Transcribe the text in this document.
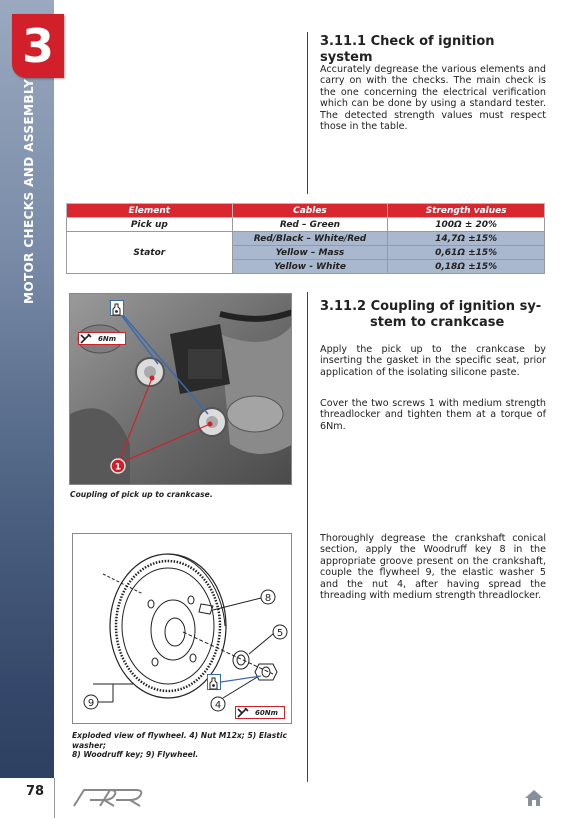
3
MOTOR CHECKS AND ASSEMBLY
78
3.11.1 Check of ignition system
Accurately degrease the various elements and carry on with the checks. The main check is the one concerning the electrical verification which can be done by using a standard tester. The detected strength values must respect those in the table.
Element	Cables	Strength values
Pick up	Red – Green	100Ω ± 20%
Stator	Red/Black – White/Red	14,7Ω ±15%
	Yellow – Mass	0,61Ω ±15%
	Yellow - White	0,18Ω ±15%
1
6Nm
Coupling of pick up to crankcase.
3.11.2 Coupling of ignition sy-
stem to crankcase
Apply the pick up to the crankcase by inserting the gasket in the specific seat, prior application of the isolating silicone paste.
Cover the two screws 1 with medium strength threadlocker and tighten them at a torque of 6Nm.
Thoroughly degrease the crankshaft conical section, apply the Woodruff key 8 in the appropriate groove present on the crankshaft, couple the flywheel 9, the elastic washer 5 and the nut 4, after having spread the threading with medium strength threadlocker.
8
5
4
9
60Nm
Exploded view of flywheel. 4) Nut M12x; 5) Elastic washer;
8) Woodruff key; 9) Flywheel.
